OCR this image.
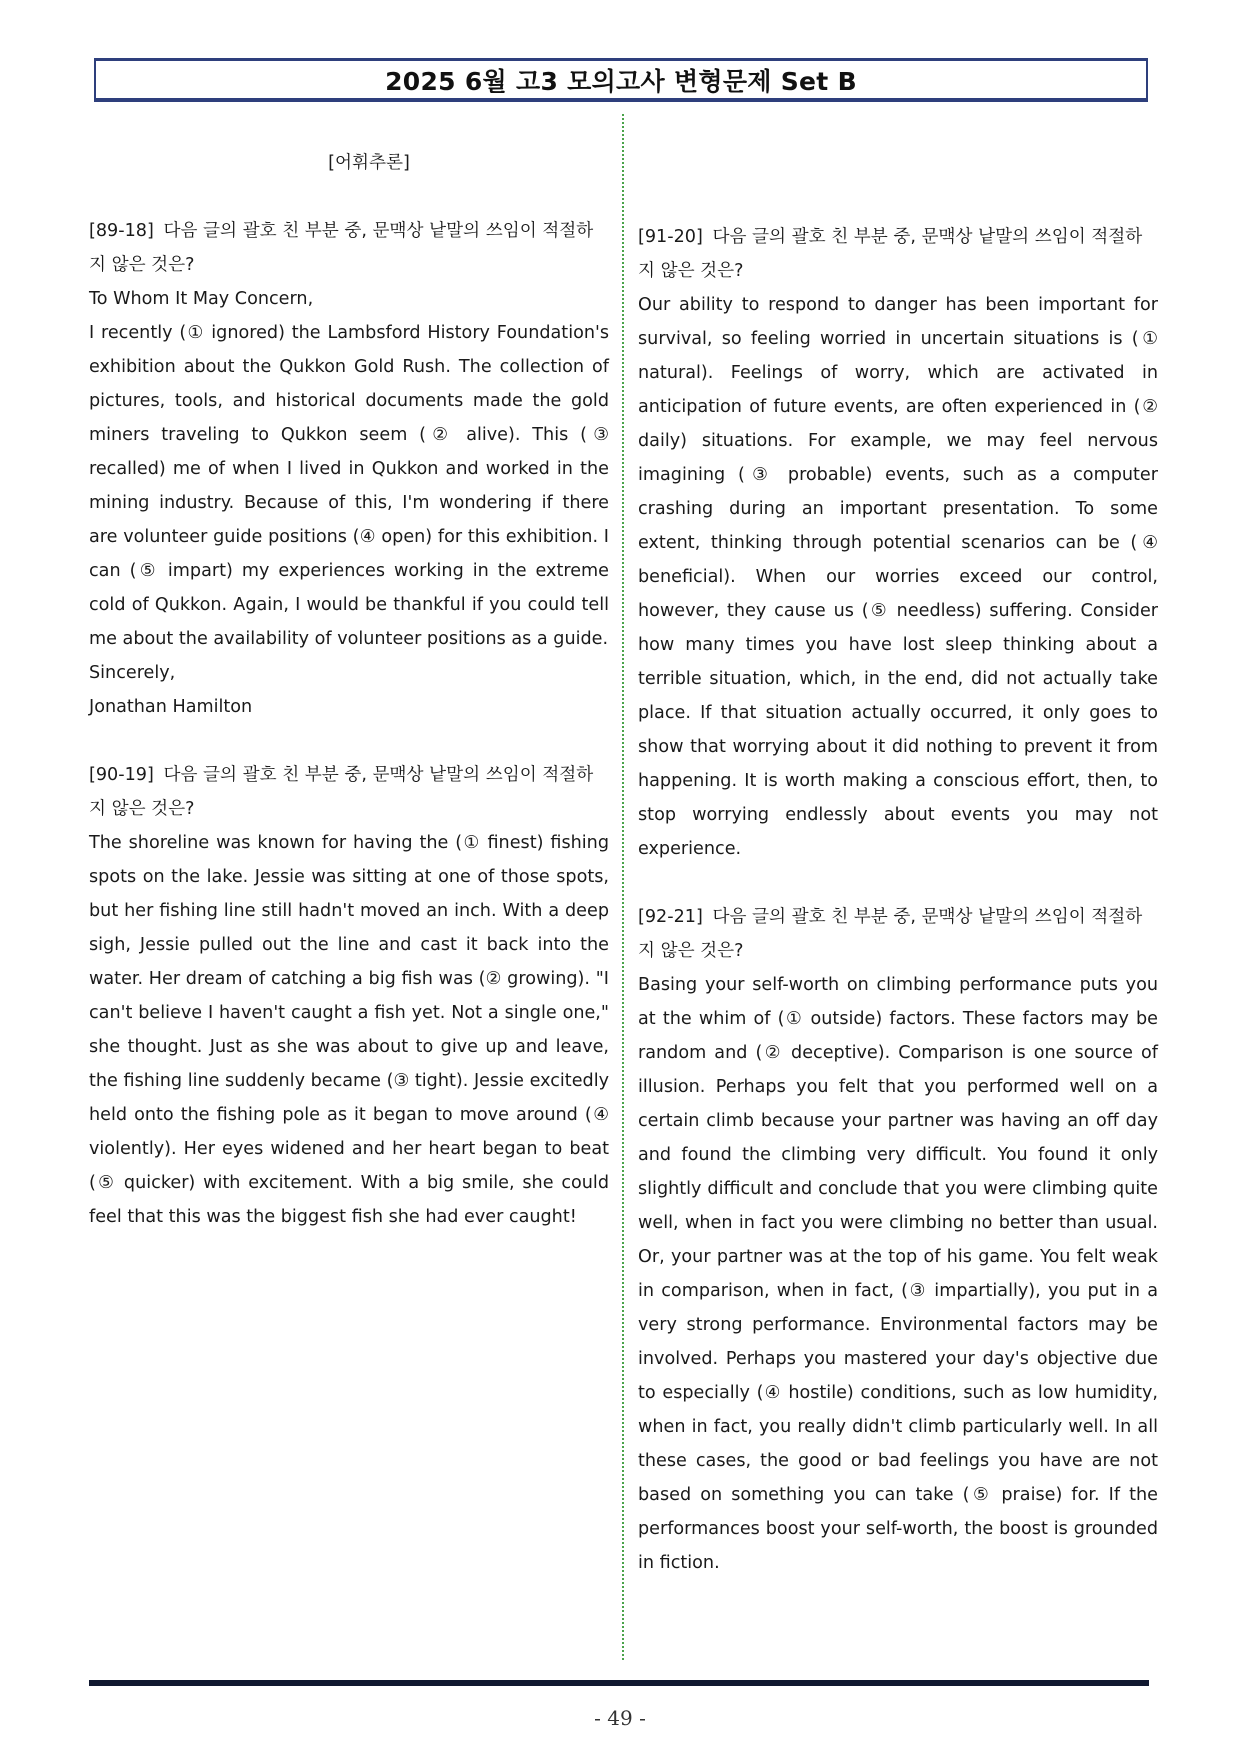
2025 6월 고3 모의고사 변형문제 Set B

[어휘추론]

[89-18] 다음 글의 괄호 친 부분 중, 문맥상 낱말의 쓰임이 적절하지 않은 것은?

To Whom It May Concern,

I recently (① ignored) the Lambsford History Foundation's exhibition about the Qukkon Gold Rush. The collection of pictures, tools, and historical documents made the gold miners traveling to Qukkon seem (② alive). This (③ recalled) me of when I lived in Qukkon and worked in the mining industry. Because of this, I'm wondering if there are volunteer guide positions (④ open) for this exhibition. I can (⑤ impart) my experiences working in the extreme cold of Qukkon. Again, I would be thankful if you could tell me about the availability of volunteer positions as a guide.

Sincerely,

Jonathan Hamilton

[90-19] 다음 글의 괄호 친 부분 중, 문맥상 낱말의 쓰임이 적절하지 않은 것은?

The shoreline was known for having the (① finest) fishing spots on the lake. Jessie was sitting at one of those spots, but her fishing line still hadn't moved an inch. With a deep sigh, Jessie pulled out the line and cast it back into the water. Her dream of catching a big fish was (② growing). "I can't believe I haven't caught a fish yet. Not a single one," she thought. Just as she was about to give up and leave, the fishing line suddenly became (③ tight). Jessie excitedly held onto the fishing pole as it began to move around (④ violently). Her eyes widened and her heart began to beat (⑤ quicker) with excitement. With a big smile, she could feel that this was the biggest fish she had ever caught!

[91-20] 다음 글의 괄호 친 부분 중, 문맥상 낱말의 쓰임이 적절하지 않은 것은?

Our ability to respond to danger has been important for survival, so feeling worried in uncertain situations is (① natural). Feelings of worry, which are activated in anticipation of future events, are often experienced in (② daily) situations. For example, we may feel nervous imagining (③ probable) events, such as a computer crashing during an important presentation. To some extent, thinking through potential scenarios can be (④ beneficial). When our worries exceed our control, however, they cause us (⑤ needless) suffering. Consider how many times you have lost sleep thinking about a terrible situation, which, in the end, did not actually take place. If that situation actually occurred, it only goes to show that worrying about it did nothing to prevent it from happening. It is worth making a conscious effort, then, to stop worrying endlessly about events you may not experience.

[92-21] 다음 글의 괄호 친 부분 중, 문맥상 낱말의 쓰임이 적절하지 않은 것은?

Basing your self-worth on climbing performance puts you at the whim of (① outside) factors. These factors may be random and (② deceptive). Comparison is one source of illusion. Perhaps you felt that you performed well on a certain climb because your partner was having an off day and found the climbing very difficult. You found it only slightly difficult and conclude that you were climbing quite well, when in fact you were climbing no better than usual. Or, your partner was at the top of his game. You felt weak in comparison, when in fact, (③ impartially), you put in a very strong performance. Environmental factors may be involved. Perhaps you mastered your day's objective due to especially (④ hostile) conditions, such as low humidity, when in fact, you really didn't climb particularly well. In all these cases, the good or bad feelings you have are not based on something you can take (⑤ praise) for. If the performances boost your self-worth, the boost is grounded in fiction.

- 49 -
